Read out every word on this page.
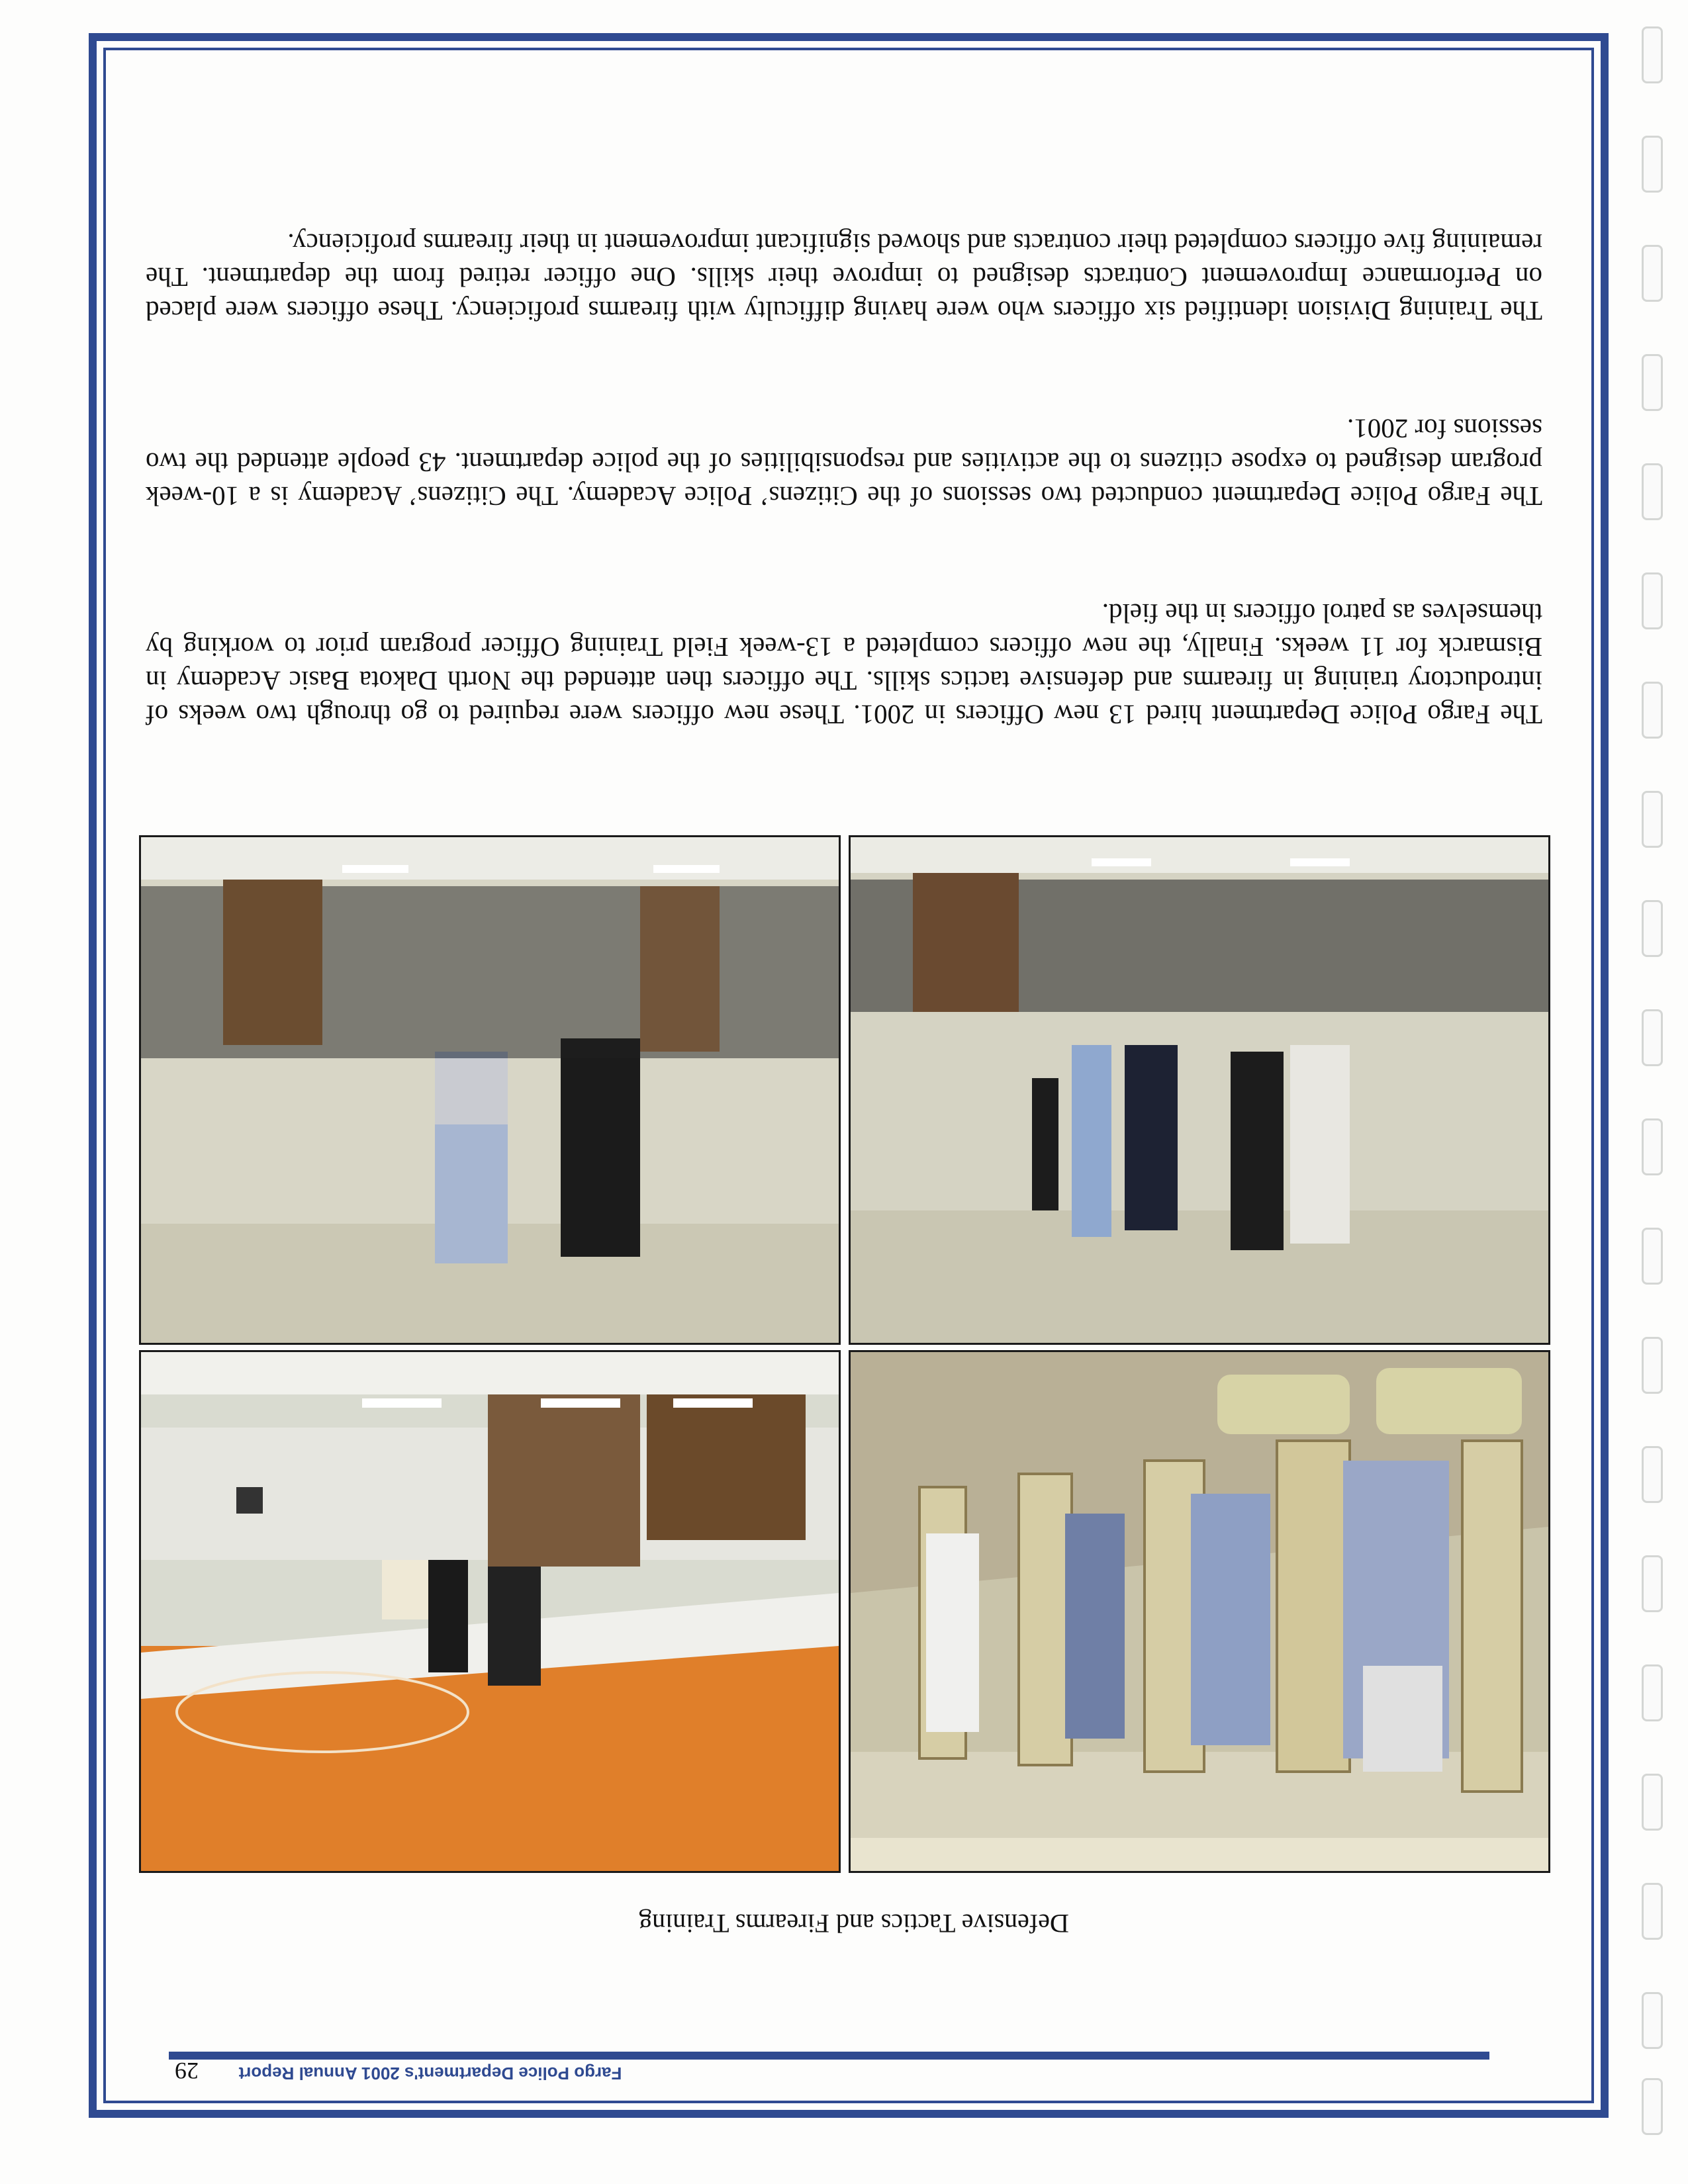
Fargo Police Department's 2001 Annual Report
29
Defensive Tactics and Firearms Training

The Fargo Police Department hired 13 new Officers in 2001. These new officers were required to go through two weeks of introductory training in firearms and defensive tactics skills. The officers then attended the North Dakota Basic Academy in Bismarck for 11 weeks. Finally, the new officers completed a 13-week Field Training Officer program prior to working by themselves as patrol officers in the field.

The Fargo Police Department conducted two sessions of the Citizens’ Police Academy. The Citizens’ Academy is a 10-week program designed to expose citizens to the activities and responsibilities of the police department. 43 people attended the two sessions for 2001.

The Training Division identified six officers who were having difficulty with firearms proficiency. These officers were placed on Performance Improvement Contracts designed to improve their skills. One officer retired from the department. The remaining five officers completed their contracts and showed significant improvement in their firearms proficiency.
